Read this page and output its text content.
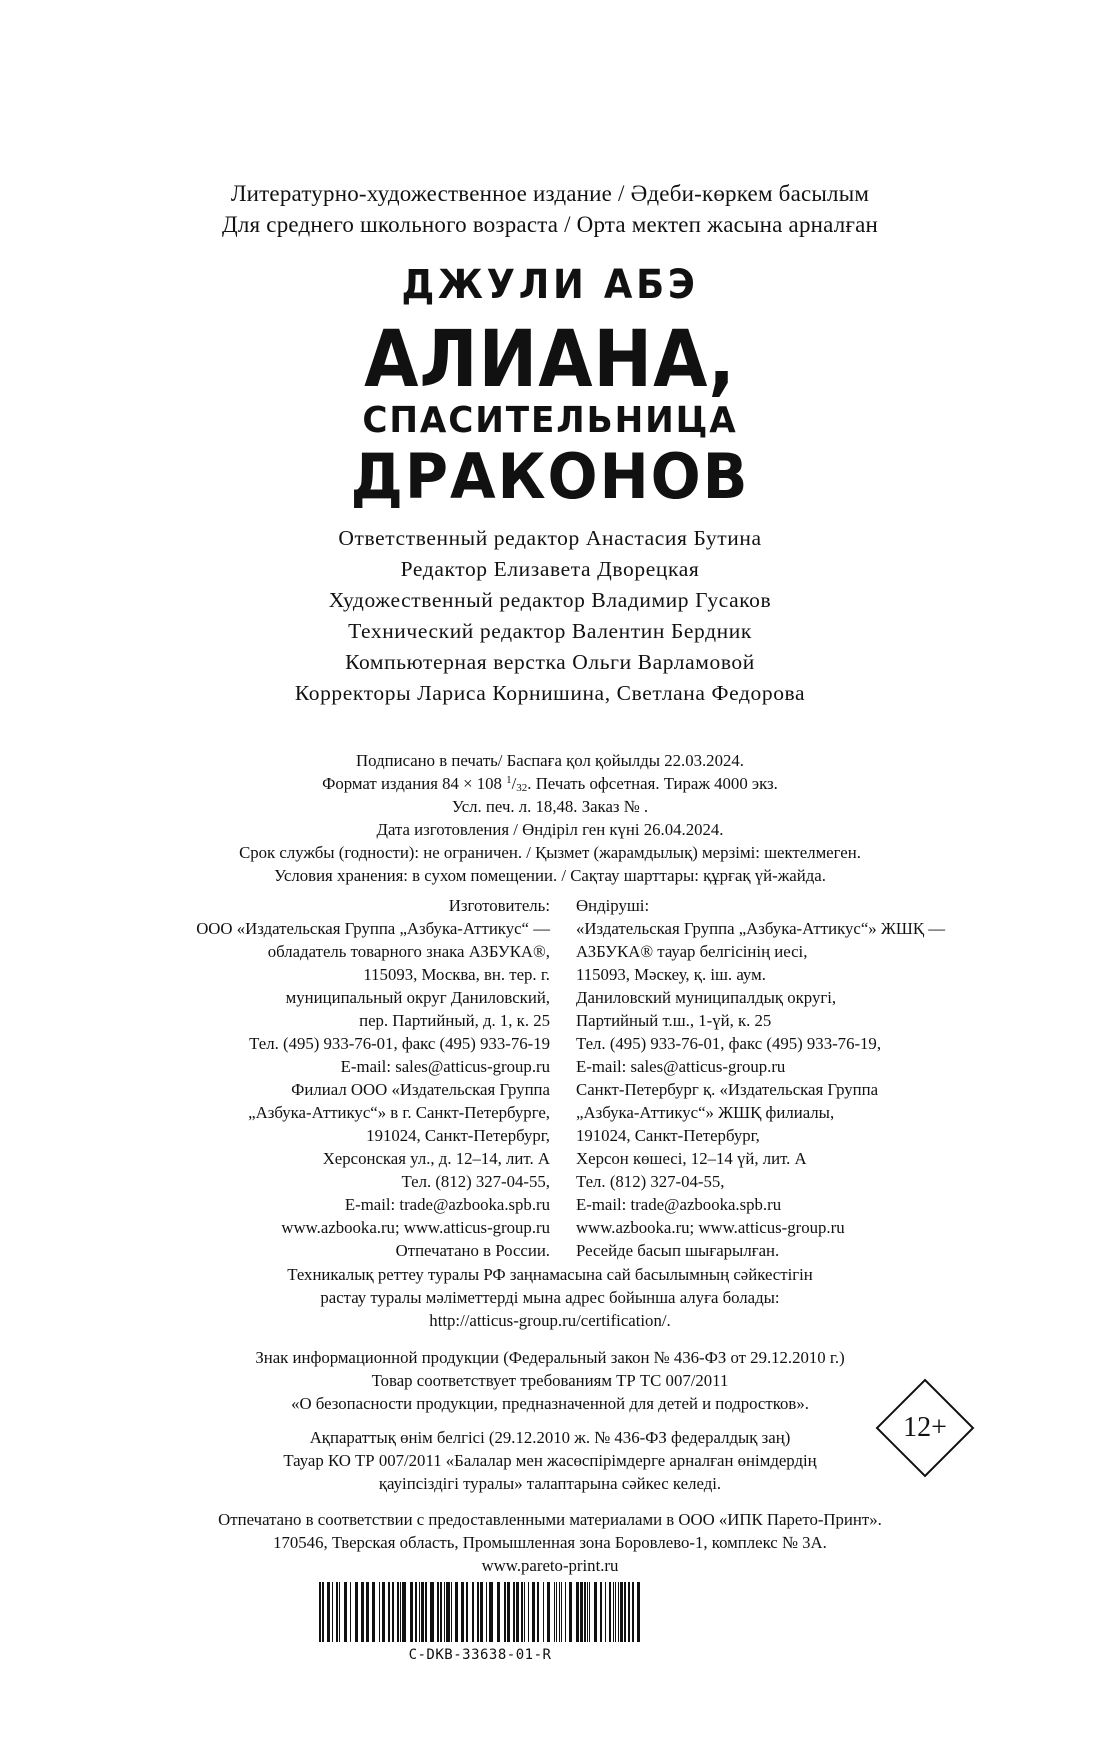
Литературно-художественное издание / Әдеби-көркем басылым
Для среднего школьного возраста / Орта мектеп жасына арналған
ДЖУЛИ АБЭ
АЛИАНА,
СПАСИТЕЛЬНИЦА
ДРАКОНОВ
Ответственный редактор Анастасия Бутина
Редактор Елизавета Дворецкая
Художественный редактор Владимир Гусаков
Технический редактор Валентин Бердник
Компьютерная верстка Ольги Варламовой
Корректоры Лариса Корнишина, Светлана Федорова
Подписано в печать/ Баспаға қол қойылды 22.03.2024.
Формат издания 84 × 108 $^1$/32. Печать офсетная. Тираж 4000 экз.
Усл. печ. л. 18,48. Заказ № .
Дата изготовления / Өндіріл ген күні 26.04.2024.
Срок службы (годности): не ограничен. / Қызмет (жарамдылық) мерзімі: шектелмеген.
Условия хранения: в сухом помещении. / Сақтау шарттары: құрғақ үй-жайда.
Изготовитель:
ООО «Издательская Группа „Азбука-Аттикус“ —
обладатель товарного знака АЗБУКА®,
115093, Москва, вн. тер. г.
муниципальный округ Даниловский,
пер. Партийный, д. 1, к. 25
Тел. (495) 933-76-01, факс (495) 933-76-19
E-mail: sales@atticus-group.ru
Филиал ООО «Издательская Группа
„Азбука-Аттикус“» в г. Санкт-Петербурге,
191024, Санкт-Петербург,
Херсонская ул., д. 12–14, лит. А
Тел. (812) 327-04-55,
E-mail: trade@azbooka.spb.ru
www.azbooka.ru; www.atticus-group.ru
Отпечатано в России.
Өндіруші:
«Издательская Группа „Азбука-Аттикус“» ЖШҚ —
АЗБУКА® тауар белгісінің иесі,
115093, Мәскеу, қ. іш. аум.
Даниловский муниципалдық округі,
Партийный т.ш., 1-үй, к. 25
Тел. (495) 933-76-01, факс (495) 933-76-19,
E-mail: sales@atticus-group.ru
Санкт-Петербург қ. «Издательская Группа
„Азбука-Аттикус“» ЖШҚ филиалы,
191024, Санкт-Петербург,
Херсон көшесі, 12–14 үй, лит. А
Тел. (812) 327-04-55,
E-mail: trade@azbooka.spb.ru
www.azbooka.ru; www.atticus-group.ru
Ресейде басып шығарылған.
Техникалық реттеу туралы РФ заңнамасына сай басылымның сәйкестігін
растау туралы мәліметтерді мына адрес бойынша алуға болады:
http://atticus-group.ru/certification/.
Знак информационной продукции (Федеральный закон № 436-ФЗ от 29.12.2010 г.)
Товар соответствует требованиям ТР ТС 007/2011
«О безопасности продукции, предназначенной для детей и подростков».
Ақпараттық өнім белгісі (29.12.2010 ж. № 436-ФЗ федералдық заң)
Тауар КО ТР 007/2011 «Балалар мен жасөспірімдерге арналған өнімдердің
қауіпсіздігі туралы» талаптарына сәйкес келеді.
12+
Отпечатано в соответствии с предоставленными материалами в ООО «ИПК Парето-Принт».
170546, Тверская область, Промышленная зона Боровлево-1, комплекс № 3А.
www.pareto-print.ru
C-DKB-33638-01-R
